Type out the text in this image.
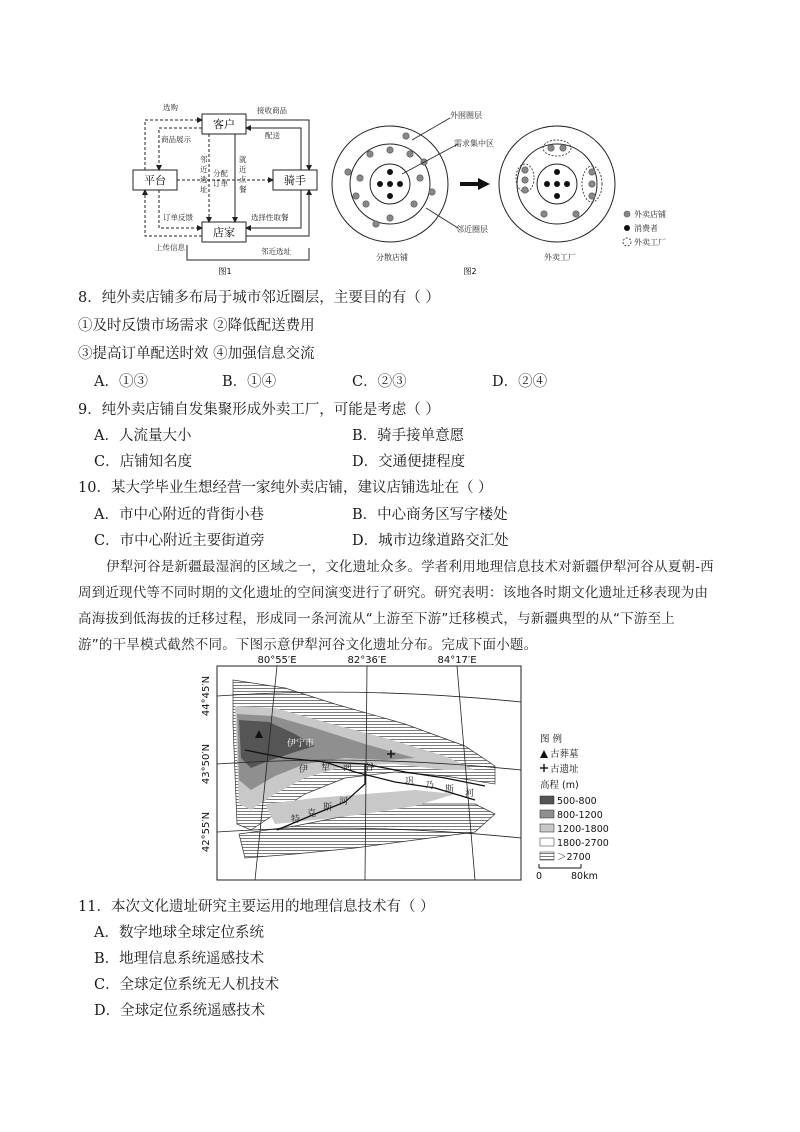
客户
平台	骑手
店家
选购
商品展示
接收商品
配送
邻
近
选
址
分配
订单
就
近
点
餐
订单反馈	选择性取餐
上传信息	邻近选址
图1
外围圈层
需求集中区
邻近圈层
分散店铺	外卖工厂
外卖店铺
消费者
外卖工厂
图2
8．纯外卖店铺多布局于城市邻近圈层，主要目的有（ ）
①及时反馈市场需求 ②降低配送费用
③提高订单配送时效 ④加强信息交流
A．①③	B．①④	C．②③	D．②④
9．纯外卖店铺自发集聚形成外卖工厂，可能是考虑（ ）
A．人流量大小	B．骑手接单意愿
C．店铺知名度	D．交通便捷程度
10．某大学毕业生想经营一家纯外卖店铺，建议店铺选址在（ ）
A．市中心附近的背街小巷	B．中心商务区写字楼处
C．市中心附近主要街道旁	D．城市边缘道路交汇处
伊犁河谷是新疆最湿润的区域之一，文化遗址众多。学者利用地理信息技术对新疆伊犁河谷从夏朝-西
周到近现代等不同时期的文化遗址的空间演变进行了研究。研究表明：该地各时期文化遗址迁移表现为由
高海拔到低海拔的迁移过程，形成同一条河流从“上游至下游”迁移模式，与新疆典型的从“下游至上
游”的干旱模式截然不同。下图示意伊犁河谷文化遗址分布。完成下面小题。
伊宁市
伊 犁 河 谷
巩 乃 斯 河
特
克
斯
河
80°55′E	82°36′E	84°17′E
44°45′N
43°50′N
42°55′N
图 例
古葬墓
古遗址
高程 (m)
500-800
800-1200
1200-1800
1800-2700
＞2700
0	80km
11．本次文化遗址研究主要运用的地理信息技术有（ ）
A．数字地球全球定位系统
B．地理信息系统遥感技术
C．全球定位系统无人机技术
D．全球定位系统遥感技术
